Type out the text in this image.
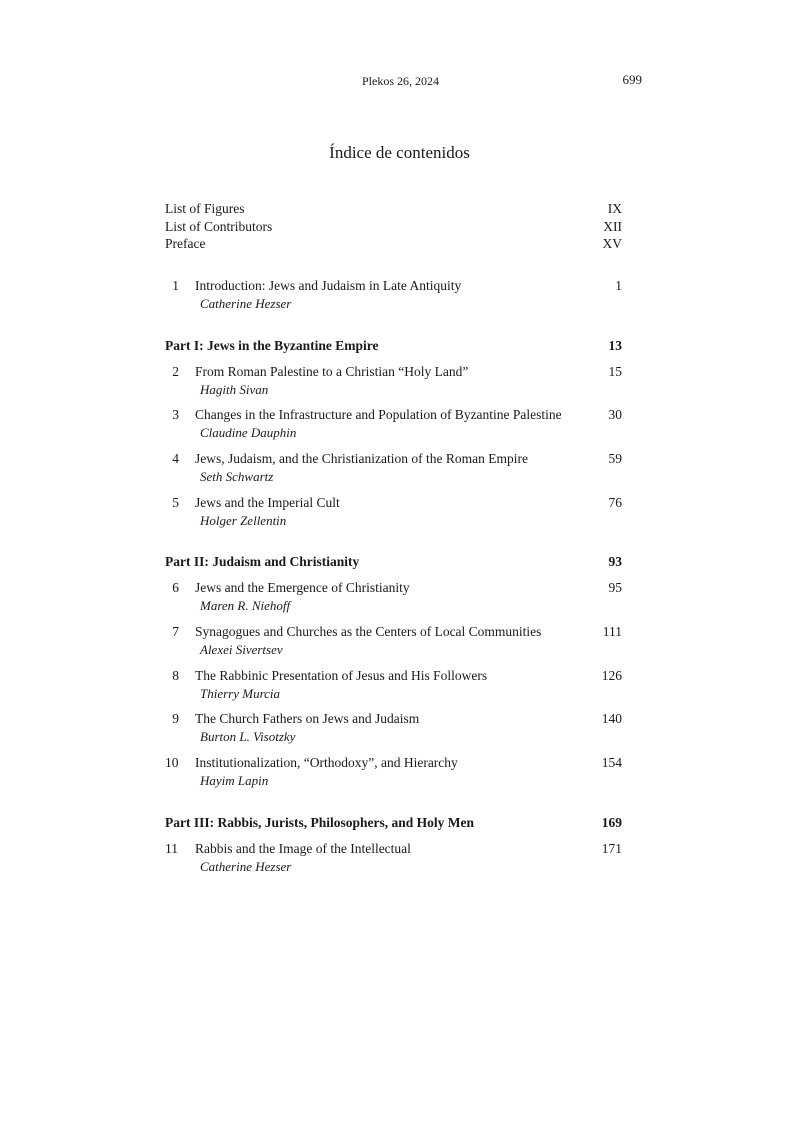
Plekos 26, 2024	699
Índice de contenidos
List of Figures	IX
List of Contributors	XII
Preface	XV
1 Introduction: Jews and Judaism in Late Antiquity	1
Catherine Hezser
Part I: Jews in the Byzantine Empire	13
2 From Roman Palestine to a Christian “Holy Land”	15
Hagith Sivan
3 Changes in the Infrastructure and Population of Byzantine Palestine	30
Claudine Dauphin
4 Jews, Judaism, and the Christianization of the Roman Empire	59
Seth Schwartz
5 Jews and the Imperial Cult	76
Holger Zellentin
Part II: Judaism and Christianity	93
6 Jews and the Emergence of Christianity	95
Maren R. Niehoff
7 Synagogues and Churches as the Centers of Local Communities	111
Alexei Sivertsev
8 The Rabbinic Presentation of Jesus and His Followers	126
Thierry Murcia
9 The Church Fathers on Jews and Judaism	140
Burton L. Visotzky
10 Institutionalization, “Orthodoxy”, and Hierarchy	154
Hayim Lapin
Part III: Rabbis, Jurists, Philosophers, and Holy Men	169
11 Rabbis and the Image of the Intellectual	171
Catherine Hezser
